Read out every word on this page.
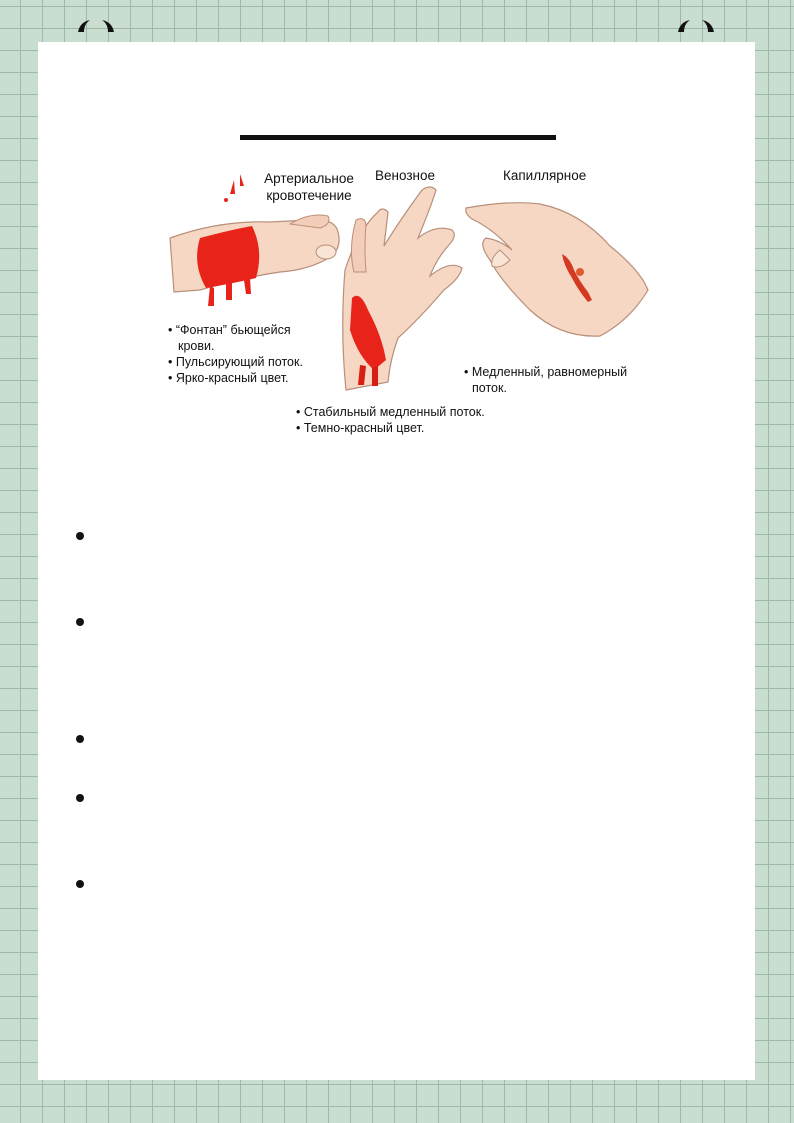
Артериальное
кровотечение
Венозное	Капиллярное
• “Фонтан” бьющейся
крови.
• Пульсирующий поток.
• Ярко-красный цвет.
• Стабильный медленный поток.
• Темно-красный цвет.
• Медленный, равномерный
поток.
